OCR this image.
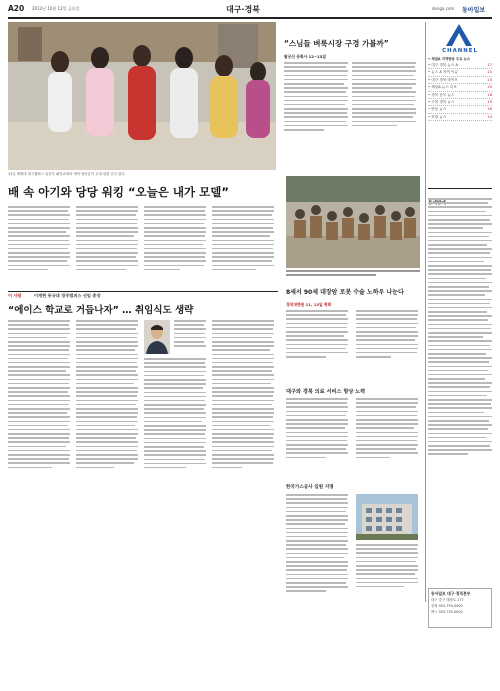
A20 2012년 10월 12일 금요일	대구·경북	donga.com 동아일보
11일 계명대 대구캠퍼스 임산부 패션쇼에서 예비 엄마들이 무대 위를 걷고 있다.
“스님들 벼룩시장 구경 가볼까”
팔공산 동화사 12~15일
배 속 아기와 당당 워킹 “오늘은 내가 모델”
8세서 90세 대장암 로봇 수술 노하우 나눈다
경북대병원 11, 13일 학회
이 사람	이계현 동국대 경주캠퍼스 신임 총장
“에이스 학교로 거듭나자” … 취임식도 생략
대구와 경북 의료 서비스 향상 노력
한국가스공사 임원 지명
CHANNEL
• 채널A 지역방송 주요 뉴스
• 대구 경북 뉴스 A	17
• 뉴스 A 지역 이슈	21
• 대구 경북 라이브	23
• 채널A 뉴스 특보	25
• 경북 동부 뉴스	18
• 구미 경북 뉴스	19
• 안동 뉴스	16
• 포항 뉴스	14
동아일보 대구·경북본부
대구 중구 태평로 277
전화 053-755-0000
팩스 053-755-0000
